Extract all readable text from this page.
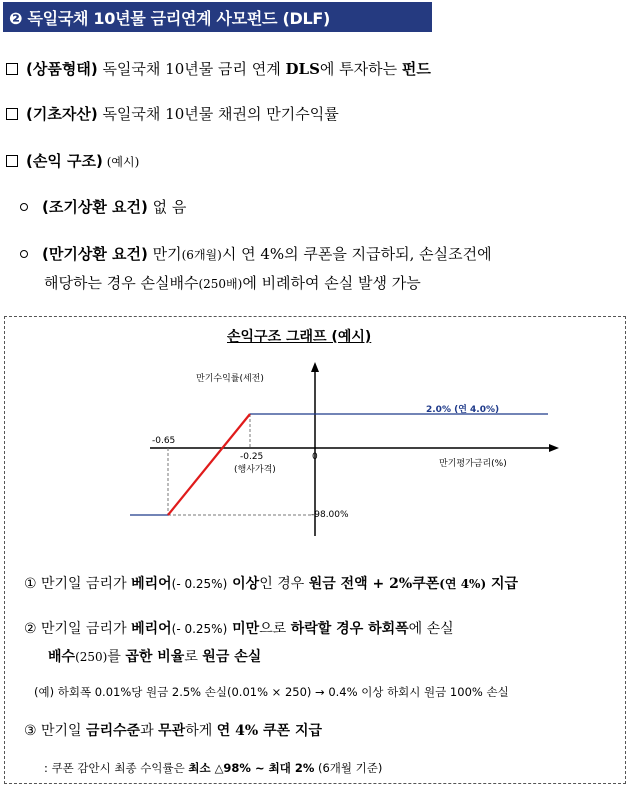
❷ 독일국채 10년물 금리연계 사모펀드 (DLF)
(상품형태) 독일국채 10년물 금리 연계 DLS에 투자하는 펀드
(기초자산) 독일국채 10년물 채권의 만기수익률
(손익 구조) (예시)
(조기상환 요건) 없 음
(만기상환 요건) 만기(6개월)시 연 4%의 쿠폰을 지급하되, 손실조건에
해당하는 경우 손실배수(250배)에 비례하여 손실 발생 가능
손익구조 그래프 (예시)
만기수익률(세전)
만기평가금리(%)
2.0% (연 4.0%)
-98.00%
-0.65
-0.25
(행사가격)
0
① 만기일 금리가 베리어(- 0.25%) 이상인 경우 원금 전액 + 2%쿠폰(연 4%) 지급
② 만기일 금리가 베리어(- 0.25%) 미만으로 하락할 경우 하회폭에 손실
배수(250)를 곱한 비율로 원금 손실
(예) 하회폭 0.01%당 원금 2.5% 손실(0.01% × 250) → 0.4% 이상 하회시 원금 100% 손실
③ 만기일 금리수준과 무관하게 연 4% 쿠폰 지급
: 쿠폰 감안시 최종 수익률은 최소 △98% ~ 최대 2% (6개월 기준)
